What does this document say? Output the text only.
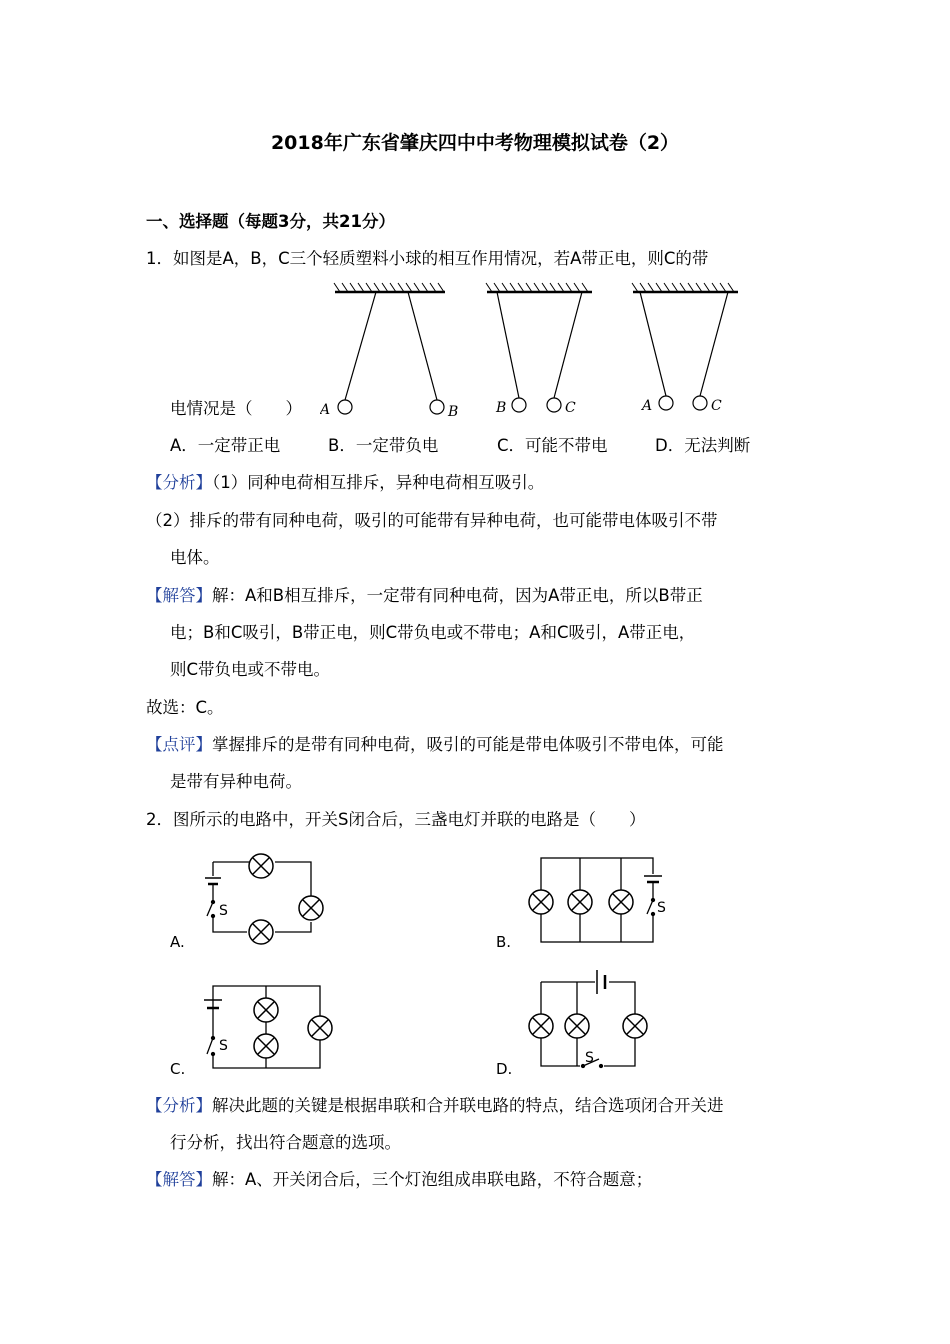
2018年广东省肇庆四中中考物理模拟试卷（2）
一、选择题（每题3分，共21分）
1．如图是A，B，C三个轻质塑料小球的相互作用情况，若A带正电，则C的带
A	B	B	C	A	C
电情况是（　　）
A．一定带正电	B．一定带负电	C．可能不带电	D．无法判断
【分析】（1）同种电荷相互排斥，异种电荷相互吸引。
（2）排斥的带有同种电荷，吸引的可能带有异种电荷，也可能带电体吸引不带
电体。
【解答】解：A和B相互排斥，一定带有同种电荷，因为A带正电，所以B带正
电；B和C吸引，B带正电，则C带负电或不带电；A和C吸引，A带正电，
则C带负电或不带电。
故选：C。
【点评】掌握排斥的是带有同种电荷，吸引的可能是带电体吸引不带电体，可能
是带有异种电荷。
2．图所示的电路中，开关S闭合后，三盏电灯并联的电路是（　　）
A.	B.
C.	D.
S	S
S
S
【分析】解决此题的关键是根据串联和合并联电路的特点，结合选项闭合开关进
行分析，找出符合题意的选项。
【解答】解：A、开关闭合后，三个灯泡组成串联电路，不符合题意；
